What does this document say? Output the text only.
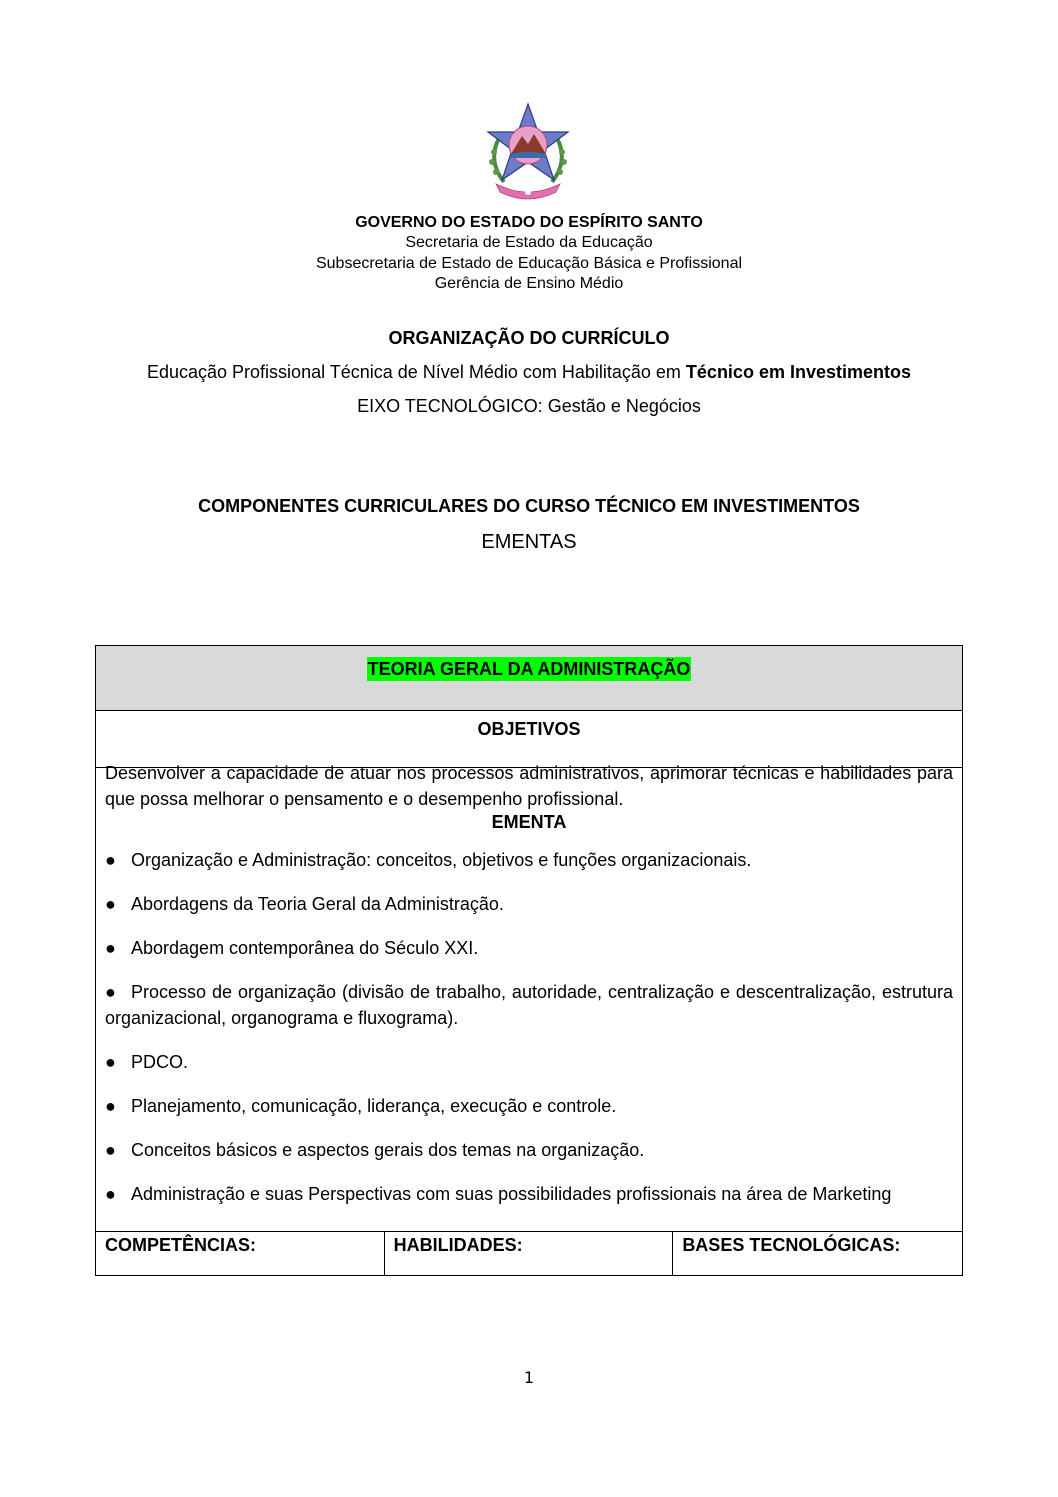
GOVERNO DO ESTADO DO ESPÍRITO SANTO
Secretaria de Estado da Educação
Subsecretaria de Estado de Educação Básica e Profissional
Gerência de Ensino Médio
ORGANIZAÇÃO DO CURRÍCULO
Educação Profissional Técnica de Nível Médio com Habilitação em Técnico em Investimentos
EIXO TECNOLÓGICO: Gestão e Negócios
COMPONENTES CURRICULARES DO CURSO TÉCNICO EM INVESTIMENTOS
EMENTAS
TEORIA GERAL DA ADMINISTRAÇÃO
OBJETIVOS
Desenvolver a capacidade de atuar nos processos administrativos, aprimorar técnicas e habilidades para que possa melhorar o pensamento e o desempenho profissional.
EMENTA
● Organização e Administração: conceitos, objetivos e funções organizacionais.
● Abordagens da Teoria Geral da Administração.
● Abordagem contemporânea do Século XXI.
● Processo de organização (divisão de trabalho, autoridade, centralização e descentralização, estrutura organizacional, organograma e fluxograma).
● PDCO.
● Planejamento, comunicação, liderança, execução e controle.
● Conceitos básicos e aspectos gerais dos temas na organização.
● Administração e suas Perspectivas com suas possibilidades profissionais na área de Marketing
COMPETÊNCIAS:	HABILIDADES:	BASES TECNOLÓGICAS:
1
